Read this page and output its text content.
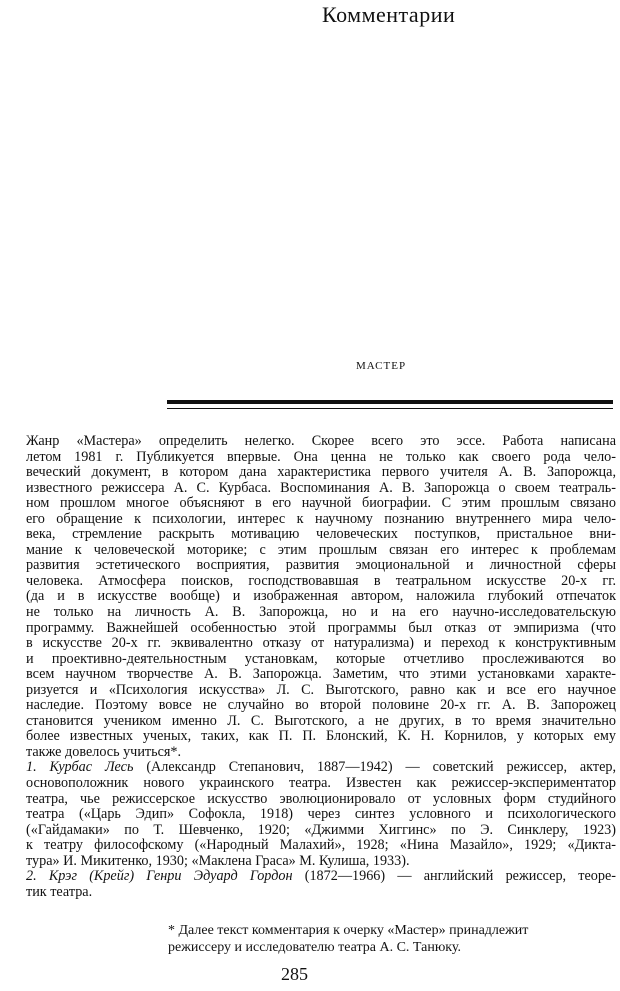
Комментарии
МАСТЕР
Жанр «Мастера» определить нелегко. Скорее всего это эссе. Работа написана
летом 1981 г. Публикуется впервые. Она ценна не только как своего рода чело-
веческий документ, в котором дана характеристика первого учителя А. В. Запорожца,
известного режиссера А. С. Курбаса. Воспоминания А. В. Запорожца о своем театраль-
ном прошлом многое объясняют в его научной биографии. С этим прошлым связано
его обращение к психологии, интерес к научному познанию внутреннего мира чело-
века, стремление раскрыть мотивацию человеческих поступков, пристальное вни-
мание к человеческой моторике; с этим прошлым связан его интерес к проблемам
развития эстетического восприятия, развития эмоциональной и личностной сферы
человека. Атмосфера поисков, господствовавшая в театральном искусстве 20-х гг.
(да и в искусстве вообще) и изображенная автором, наложила глубокий отпечаток
не только на личность А. В. Запорожца, но и на его научно-исследовательскую
программу. Важнейшей особенностью этой программы был отказ от эмпиризма (что
в искусстве 20-х гг. эквивалентно отказу от натурализма) и переход к конструктивным
и проективно-деятельностным установкам, которые отчетливо прослеживаются во
всем научном творчестве А. В. Запорожца. Заметим, что этими установками характе-
ризуется и «Психология искусства» Л. С. Выготского, равно как и все его научное
наследие. Поэтому вовсе не случайно во второй половине 20-х гг. А. В. Запорожец
становится учеником именно Л. С. Выготского, а не других, в то время значительно
более известных ученых, таких, как П. П. Блонский, К. Н. Корнилов, у которых ему
также довелось учиться*.
1. Курбас Лесь (Александр Степанович, 1887—1942) — советский режиссер, актер,
основоположник нового украинского театра. Известен как режиссер-экспериментатор
театра, чье режиссерское искусство эволюционировало от условных форм студийного
театра («Царь Эдип» Софокла, 1918) через синтез условного и психологического
(«Гайдамаки» по Т. Шевченко, 1920; «Джимми Хиггинс» по Э. Синклеру, 1923)
к театру философскому («Народный Малахий», 1928; «Нина Мазайло», 1929; «Дикта-
тура» И. Микитенко, 1930; «Маклена Граса» М. Кулиша, 1933).
2. Крэг (Крейг) Генри Эдуард Гордон (1872—1966) — английский режиссер, теоре-
тик театра.
* Далее текст комментария к очерку «Мастер» принадлежит
режиссеру и исследователю театра А. С. Танюку.
285
